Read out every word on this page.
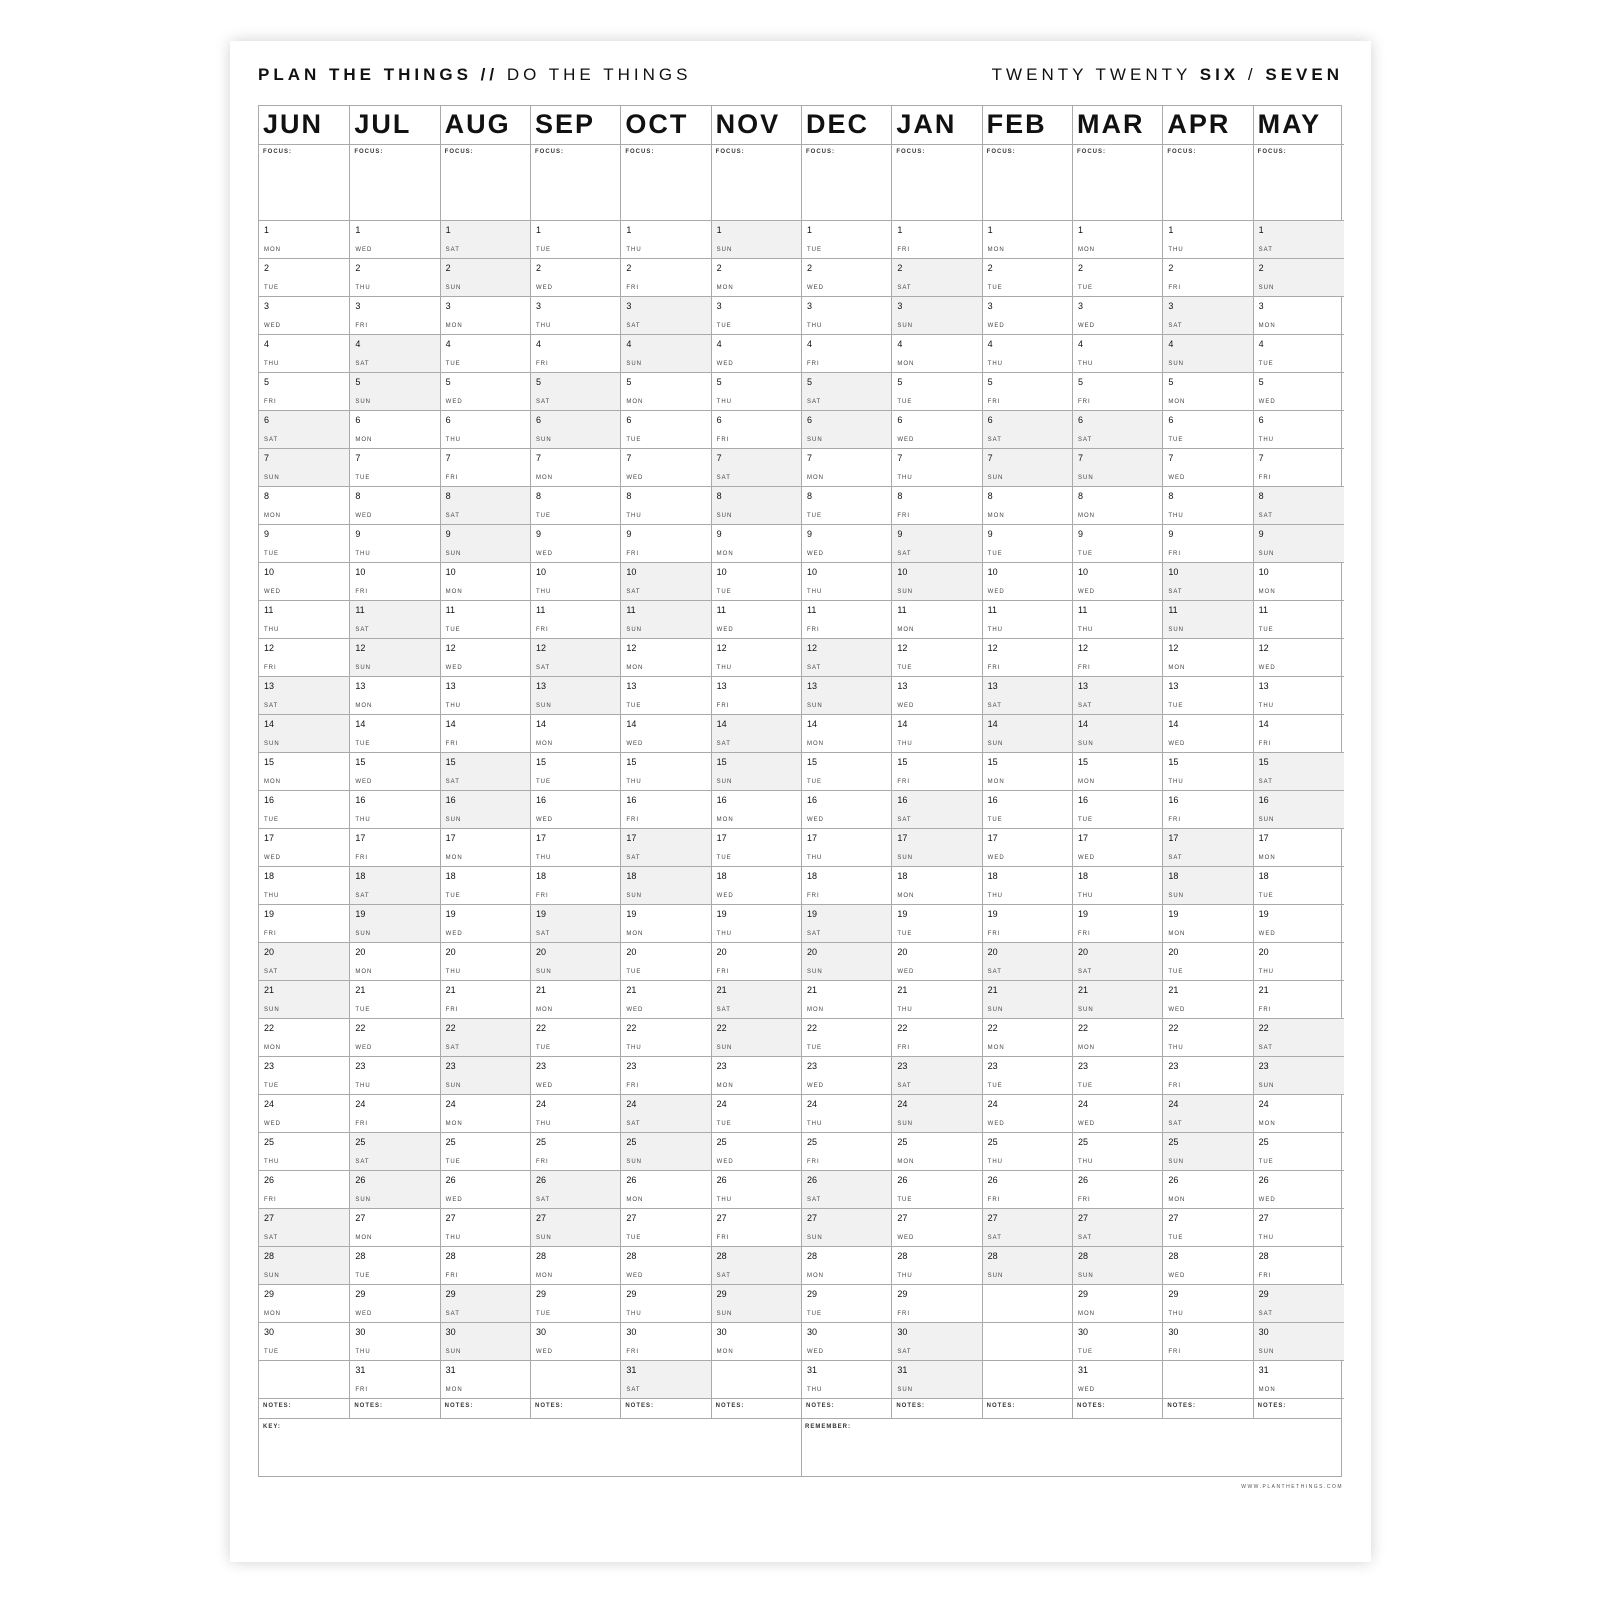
PLAN THE THINGS // DO THE THINGS	TWENTY TWENTY SIX / SEVEN
JUN
FOCUS:
1
MON
2
TUE
3
WED
4
THU
5
FRI
6
SAT
7
SUN
8
MON
9
TUE
10
WED
11
THU
12
FRI
13
SAT
14
SUN
15
MON
16
TUE
17
WED
18
THU
19
FRI
20
SAT
21
SUN
22
MON
23
TUE
24
WED
25
THU
26
FRI
27
SAT
28
SUN
29
MON
30
TUE
NOTES:
JUL
FOCUS:
1
WED
2
THU
3
FRI
4
SAT
5
SUN
6
MON
7
TUE
8
WED
9
THU
10
FRI
11
SAT
12
SUN
13
MON
14
TUE
15
WED
16
THU
17
FRI
18
SAT
19
SUN
20
MON
21
TUE
22
WED
23
THU
24
FRI
25
SAT
26
SUN
27
MON
28
TUE
29
WED
30
THU
31
FRI
NOTES:
AUG
FOCUS:
1
SAT
2
SUN
3
MON
4
TUE
5
WED
6
THU
7
FRI
8
SAT
9
SUN
10
MON
11
TUE
12
WED
13
THU
14
FRI
15
SAT
16
SUN
17
MON
18
TUE
19
WED
20
THU
21
FRI
22
SAT
23
SUN
24
MON
25
TUE
26
WED
27
THU
28
FRI
29
SAT
30
SUN
31
MON
NOTES:
SEP
FOCUS:
1
TUE
2
WED
3
THU
4
FRI
5
SAT
6
SUN
7
MON
8
TUE
9
WED
10
THU
11
FRI
12
SAT
13
SUN
14
MON
15
TUE
16
WED
17
THU
18
FRI
19
SAT
20
SUN
21
MON
22
TUE
23
WED
24
THU
25
FRI
26
SAT
27
SUN
28
MON
29
TUE
30
WED
NOTES:
OCT
FOCUS:
1
THU
2
FRI
3
SAT
4
SUN
5
MON
6
TUE
7
WED
8
THU
9
FRI
10
SAT
11
SUN
12
MON
13
TUE
14
WED
15
THU
16
FRI
17
SAT
18
SUN
19
MON
20
TUE
21
WED
22
THU
23
FRI
24
SAT
25
SUN
26
MON
27
TUE
28
WED
29
THU
30
FRI
31
SAT
NOTES:
NOV
FOCUS:
1
SUN
2
MON
3
TUE
4
WED
5
THU
6
FRI
7
SAT
8
SUN
9
MON
10
TUE
11
WED
12
THU
13
FRI
14
SAT
15
SUN
16
MON
17
TUE
18
WED
19
THU
20
FRI
21
SAT
22
SUN
23
MON
24
TUE
25
WED
26
THU
27
FRI
28
SAT
29
SUN
30
MON
NOTES:
DEC
FOCUS:
1
TUE
2
WED
3
THU
4
FRI
5
SAT
6
SUN
7
MON
8
TUE
9
WED
10
THU
11
FRI
12
SAT
13
SUN
14
MON
15
TUE
16
WED
17
THU
18
FRI
19
SAT
20
SUN
21
MON
22
TUE
23
WED
24
THU
25
FRI
26
SAT
27
SUN
28
MON
29
TUE
30
WED
31
THU
NOTES:
JAN
FOCUS:
1
FRI
2
SAT
3
SUN
4
MON
5
TUE
6
WED
7
THU
8
FRI
9
SAT
10
SUN
11
MON
12
TUE
13
WED
14
THU
15
FRI
16
SAT
17
SUN
18
MON
19
TUE
20
WED
21
THU
22
FRI
23
SAT
24
SUN
25
MON
26
TUE
27
WED
28
THU
29
FRI
30
SAT
31
SUN
NOTES:
FEB
FOCUS:
1
MON
2
TUE
3
WED
4
THU
5
FRI
6
SAT
7
SUN
8
MON
9
TUE
10
WED
11
THU
12
FRI
13
SAT
14
SUN
15
MON
16
TUE
17
WED
18
THU
19
FRI
20
SAT
21
SUN
22
MON
23
TUE
24
WED
25
THU
26
FRI
27
SAT
28
SUN
NOTES:
MAR
FOCUS:
1
MON
2
TUE
3
WED
4
THU
5
FRI
6
SAT
7
SUN
8
MON
9
TUE
10
WED
11
THU
12
FRI
13
SAT
14
SUN
15
MON
16
TUE
17
WED
18
THU
19
FRI
20
SAT
21
SUN
22
MON
23
TUE
24
WED
25
THU
26
FRI
27
SAT
28
SUN
29
MON
30
TUE
31
WED
NOTES:
APR
FOCUS:
1
THU
2
FRI
3
SAT
4
SUN
5
MON
6
TUE
7
WED
8
THU
9
FRI
10
SAT
11
SUN
12
MON
13
TUE
14
WED
15
THU
16
FRI
17
SAT
18
SUN
19
MON
20
TUE
21
WED
22
THU
23
FRI
24
SAT
25
SUN
26
MON
27
TUE
28
WED
29
THU
30
FRI
NOTES:
MAY
FOCUS:
1
SAT
2
SUN
3
MON
4
TUE
5
WED
6
THU
7
FRI
8
SAT
9
SUN
10
MON
11
TUE
12
WED
13
THU
14
FRI
15
SAT
16
SUN
17
MON
18
TUE
19
WED
20
THU
21
FRI
22
SAT
23
SUN
24
MON
25
TUE
26
WED
27
THU
28
FRI
29
SAT
30
SUN
31
MON
NOTES:
KEY:	REMEMBER:
WWW.PLANTHETHINGS.COM
